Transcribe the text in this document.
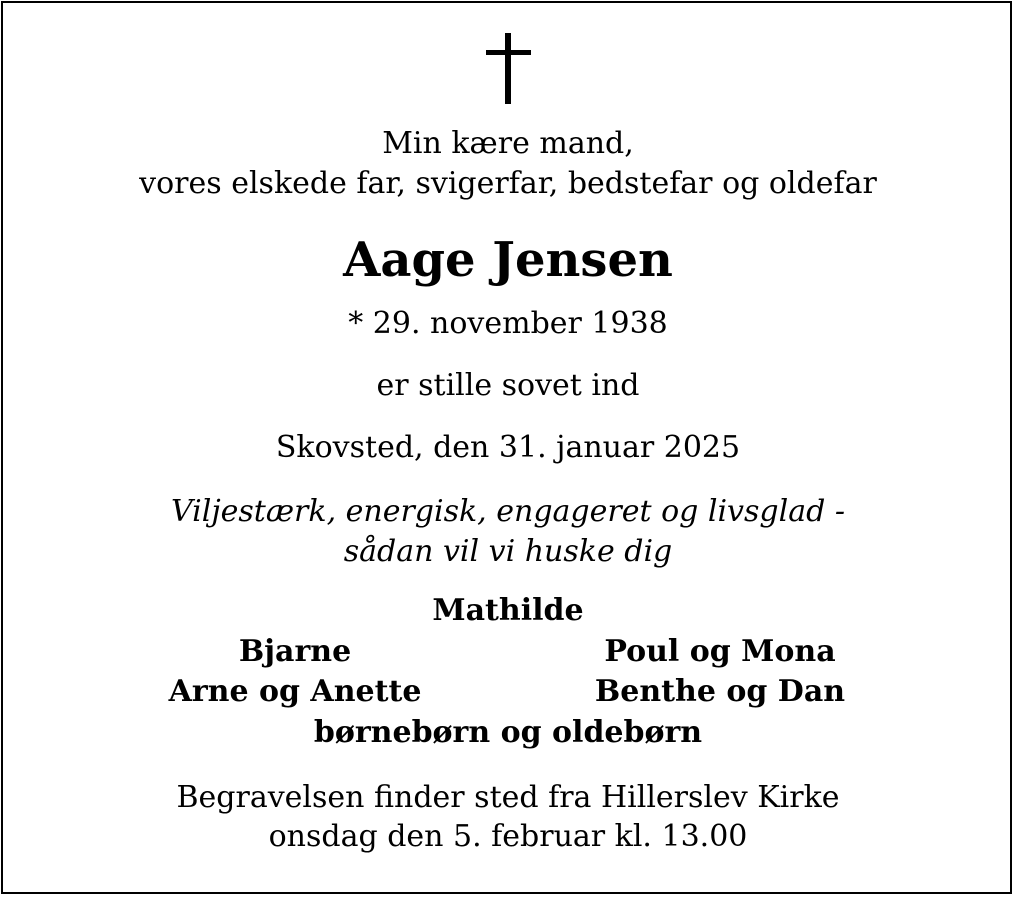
Min kære mand,
vores elskede far, svigerfar, bedstefar og oldefar
Aage Jensen
* 29. november 1938
er stille sovet ind
Skovsted, den 31. januar 2025
Viljestærk, energisk, engageret og livsglad -
sådan vil vi huske dig
Mathilde
Bjarne	Poul og Mona
Arne og Anette	Benthe og Dan
børnebørn og oldebørn
Begravelsen finder sted fra Hillerslev Kirke
onsdag den 5. februar kl. 13.00
